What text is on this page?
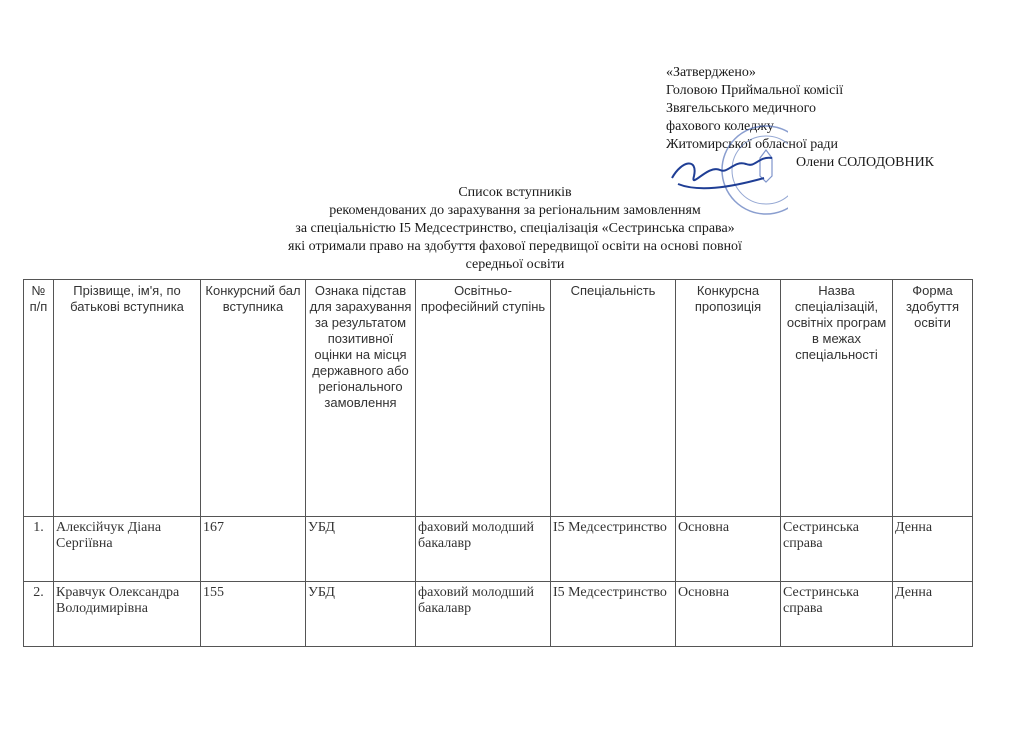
«Затверджено»
Головою Приймальної комісії
Звягельського медичного
фахового коледжу
Житомирської обласної ради
Олени СОЛОДОВНИК
Список вступників
рекомендованих до зарахування за регіональним замовленням
за спеціальністю І5 Медсестринство, спеціалізація «Сестринська справа»
які отримали право на здобуття фахової передвищої освіти на основі повної
середньої освіти
№ п/п	Прізвище, ім'я, по батькові вступника	Конкурсний бал вступника	Ознака підстав для зарахування за результатом позитивної оцінки на місця державного або регіонального замовлення	Освітньо-професійний ступінь	Спеціальність	Конкурсна пропозиція	Назва спеціалізацій, освітніх програм в межах спеціальності	Форма здобуття освіти
1.	Алексійчук Діана Сергіївна	167	УБД	фаховий молодший бакалавр	І5 Медсестринство	Основна	Сестринська справа	Денна
2.	Кравчук Олександра Володимирівна	155	УБД	фаховий молодший бакалавр	І5 Медсестринство	Основна	Сестринська справа	Денна
